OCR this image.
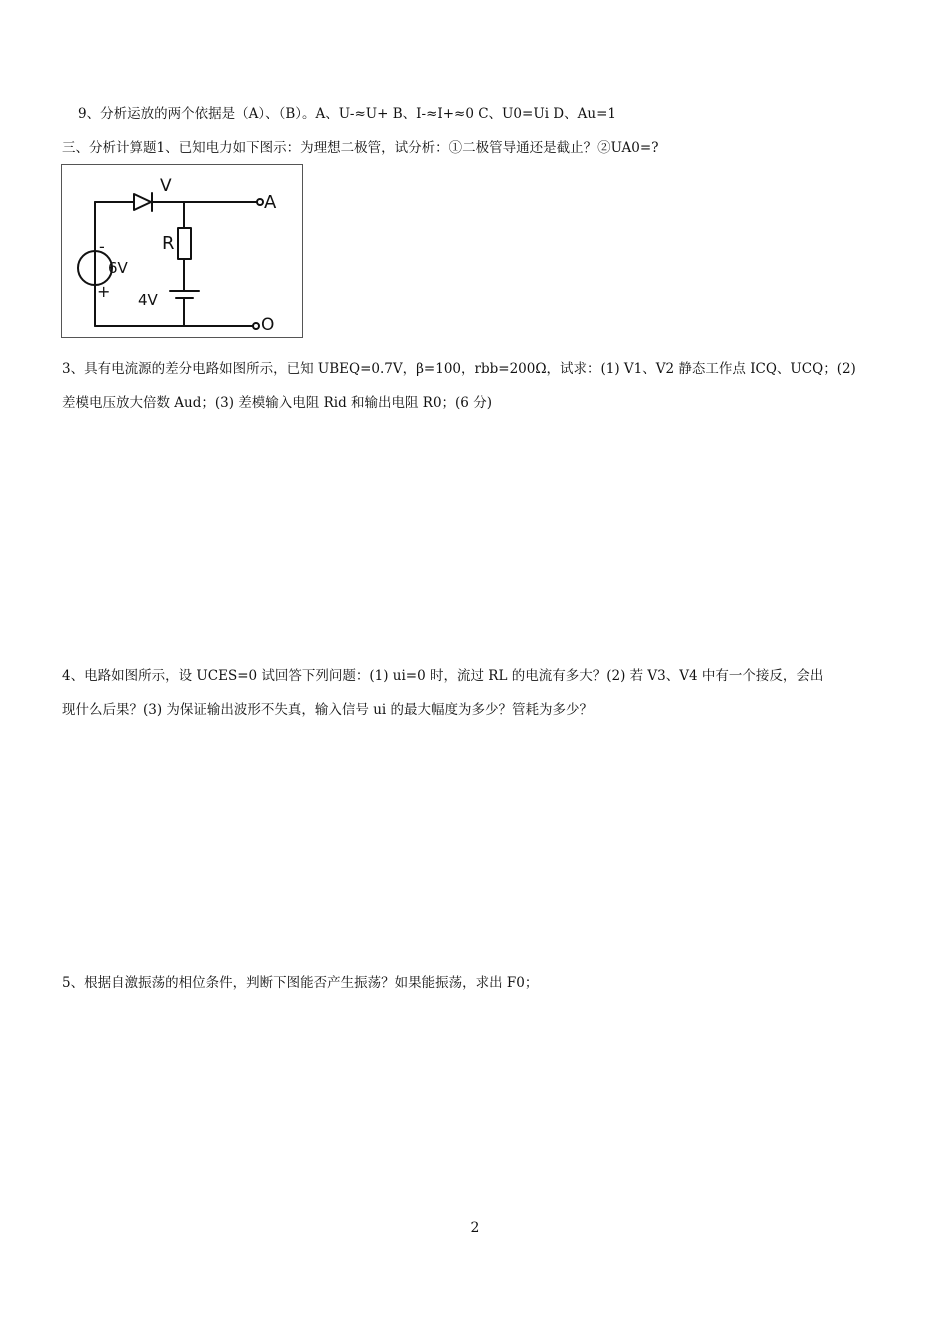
9、分析运放的两个依据是（A）、（B）。A、U-≈U+ B、I-≈I+≈0 C、U0=Ui D、Au=1
三、分析计算题1、已知电力如下图示：为理想二极管，试分析：①二极管导通还是截止？②UA0=?
V
R
6V
-
+ 4V
A
O
3、具有电流源的差分电路如图所示，已知 UBEQ=0.7V，β=100，rbb=200Ω，试求：(1) V1、V2 静态工作点 ICQ、UCQ；(2)
差模电压放大倍数 Aud；(3) 差模输入电阻 Rid 和输出电阻 R0；(6 分)
4、电路如图所示，设 UCES=0 试回答下列问题：(1) ui=0 时，流过 RL 的电流有多大？(2) 若 V3、V4 中有一个接反，会出
现什么后果？(3) 为保证输出波形不失真，输入信号 ui 的最大幅度为多少？管耗为多少？
5、根据自激振荡的相位条件，判断下图能否产生振荡？如果能振荡，求出 F0；
2
